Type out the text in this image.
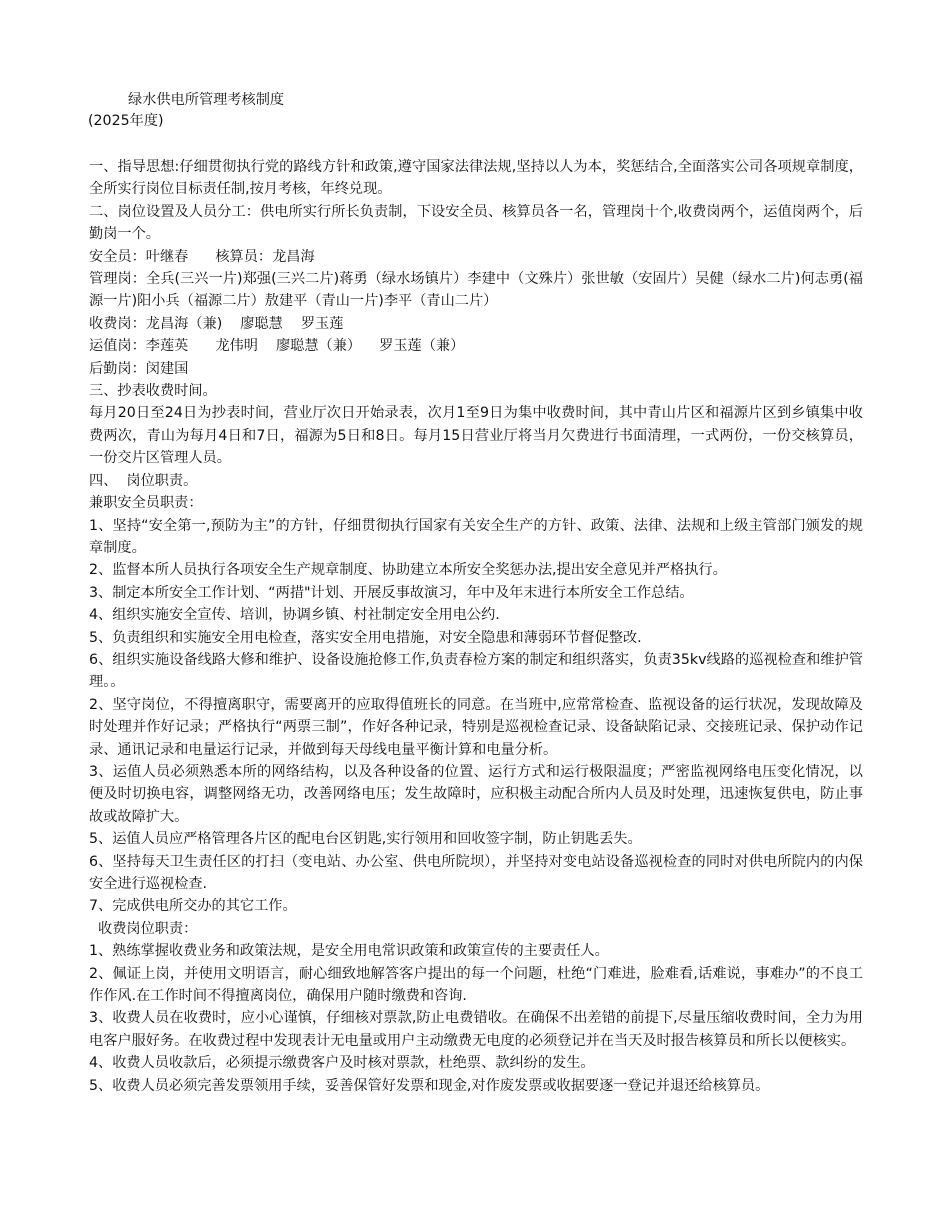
绿水供电所管理考核制度
(2025年度)

一、指导思想:仔细贯彻执行党的路线方针和政策,遵守国家法律法规,坚持以人为本，奖惩结合,全面落实公司各项规章制度，全所实行岗位目标责任制,按月考核，年终兑现。

二、岗位设置及人员分工：供电所实行所长负责制，下设安全员、核算员各一名，管理岗十个,收费岗两个，运值岗两个，后勤岗一个。

安全员：叶继春      核算员：龙昌海

管理岗：全兵(三兴一片)郑强(三兴二片)蒋勇（绿水场镇片）李建中（文殊片）张世敏（安固片）吴健（绿水二片)何志勇(福源一片)阳小兵（福源二片）敖建平（青山一片)李平（青山二片）

收费岗：龙昌海（兼)    廖聪慧    罗玉莲

运值岗：李莲英      龙伟明    廖聪慧（兼）    罗玉莲（兼）

后勤岗：闵建国

三、抄表收费时间。

每月20日至24日为抄表时间，营业厅次日开始录表，次月1至9日为集中收费时间，其中青山片区和福源片区到乡镇集中收费两次，青山为每月4日和7日，福源为5日和8日。每月15日营业厅将当月欠费进行书面清理，一式两份，一份交核算员，一份交片区管理人员。

四、  岗位职责。

兼职安全员职责：

1、坚持“安全第一,预防为主”的方针，仔细贯彻执行国家有关安全生产的方针、政策、法律、法规和上级主管部门颁发的规章制度。

2、监督本所人员执行各项安全生产规章制度、协助建立本所安全奖惩办法,提出安全意见并严格执行。

3、制定本所安全工作计划、“两措"计划、开展反事故演习，年中及年末进行本所安全工作总结。

4、组织实施安全宣传、培训，协调乡镇、村社制定安全用电公约.

5、负责组织和实施安全用电检查，落实安全用电措施，对安全隐患和薄弱环节督促整改.

6、组织实施设备线路大修和维护、设备设施抢修工作,负责春检方案的制定和组织落实，负责35kv线路的巡视检查和维护管理。。

2、坚守岗位，不得擅离职守，需要离开的应取得值班长的同意。在当班中,应常常检查、监视设备的运行状况，发现故障及时处理并作好记录；严格执行“两票三制”，作好各种记录，特别是巡视检查记录、设备缺陷记录、交接班记录、保护动作记录、通讯记录和电量运行记录，并做到每天母线电量平衡计算和电量分析。

3、运值人员必须熟悉本所的网络结构，以及各种设备的位置、运行方式和运行极限温度；严密监视网络电压变化情况，以便及时切换电容，调整网络无功，改善网络电压；发生故障时，应积极主动配合所内人员及时处理，迅速恢复供电，防止事故或故障扩大。

5、运值人员应严格管理各片区的配电台区钥匙,实行领用和回收签字制，防止钥匙丢失。

6、坚持每天卫生责任区的打扫（变电站、办公室、供电所院坝），并坚持对变电站设备巡视检查的同时对供电所院内的内保安全进行巡视检查.

7、完成供电所交办的其它工作。

收费岗位职责：

1、熟练掌握收费业务和政策法规，是安全用电常识政策和政策宣传的主要责任人。

2、佩证上岗，并使用文明语言，耐心细致地解答客户提出的每一个问题，杜绝“门难进，脸难看,话难说，事难办”的不良工作作风.在工作时间不得擅离岗位，确保用户随时缴费和咨询.

3、收费人员在收费时，应小心谨慎，仔细核对票款,防止电费错收。在确保不出差错的前提下,尽量压缩收费时间，全力为用电客户服好务。在收费过程中发现表计无电量或用户主动缴费无电度的必须登记并在当天及时报告核算员和所长以便核实。

4、收费人员收款后，必须提示缴费客户及时核对票款，杜绝票、款纠纷的发生。

5、收费人员必须完善发票领用手续，妥善保管好发票和现金,对作废发票或收据要逐一登记并退还给核算员。
